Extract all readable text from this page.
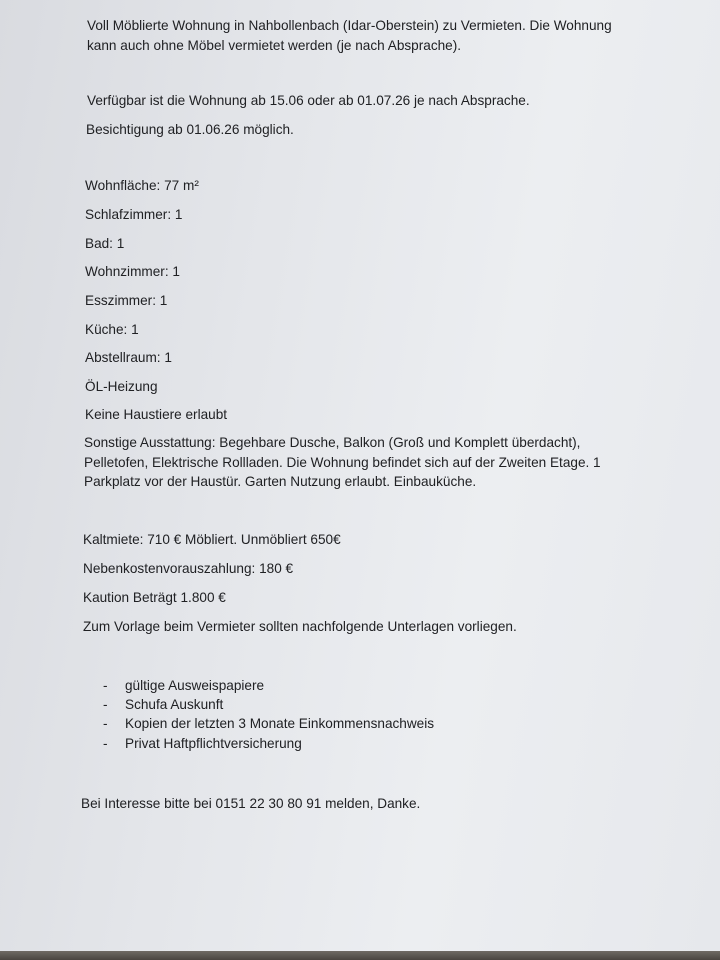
Voll Möblierte Wohnung in Nahbollenbach (Idar-Oberstein) zu Vermieten. Die Wohnung
kann auch ohne Möbel vermietet werden (je nach Absprache).
Verfügbar ist die Wohnung ab 15.06 oder ab 01.07.26 je nach Absprache.
Besichtigung ab 01.06.26 möglich.
Wohnfläche: 77 m²
Schlafzimmer: 1
Bad: 1
Wohnzimmer: 1
Esszimmer: 1
Küche: 1
Abstellraum: 1
ÖL-Heizung
Keine Haustiere erlaubt
Sonstige Ausstattung: Begehbare Dusche, Balkon (Groß und Komplett überdacht),
Pelletofen, Elektrische Rollladen. Die Wohnung befindet sich auf der Zweiten Etage. 1
Parkplatz vor der Haustür. Garten Nutzung erlaubt. Einbauküche.
Kaltmiete: 710 € Möbliert. Unmöbliert 650€
Nebenkostenvorauszahlung: 180 €
Kaution Beträgt 1.800 €
Zum Vorlage beim Vermieter sollten nachfolgende Unterlagen vorliegen.
- gültige Ausweispapiere
- Schufa Auskunft
- Kopien der letzten 3 Monate Einkommensnachweis
- Privat Haftpflichtversicherung
Bei Interesse bitte bei 0151 22 30 80 91 melden, Danke.
